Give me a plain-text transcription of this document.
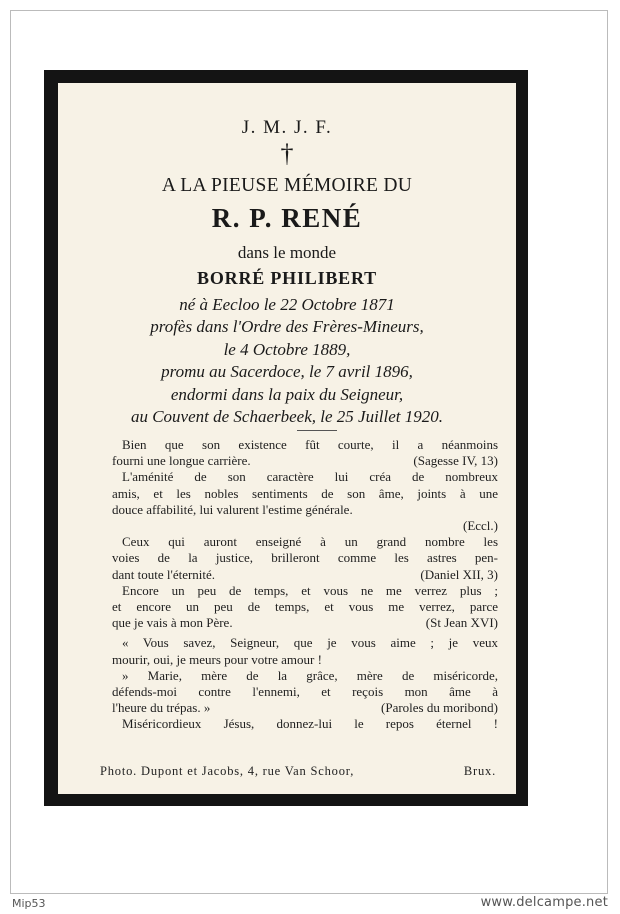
J. M. J. F.
†
A LA PIEUSE MÉMOIRE DU
R. P. RENÉ
dans le monde
BORRÉ PHILIBERT
né à Eecloo le 22 Octobre 1871
profès dans l'Ordre des Frères-Mineurs,
le 4 Octobre 1889,
promu au Sacerdoce, le 7 avril 1896,
endormi dans la paix du Seigneur,
au Couvent de Schaerbeek, le 25 Juillet 1920.

Bien que son existence fût courte, il a néanmoins

fourni une longue carrière.	(Sagesse IV, 13)

L'aménité de son caractère lui créa de nombreux

amis, et les nobles sentiments de son âme, joints à une

douce affabilité, lui valurent l'estime générale.

(Eccl.)

Ceux qui auront enseigné à un grand nombre les

voies de la justice, brilleront comme les astres pen-

dant toute l'éternité.	(Daniel XII, 3)

Encore un peu de temps, et vous ne me verrez plus ;

et encore un peu de temps, et vous me verrez, parce

que je vais à mon Père.	(St Jean XVI)

« Vous savez, Seigneur, que je vous aime ; je veux

mourir, oui, je meurs pour votre amour !

» Marie, mère de la grâce, mère de miséricorde,

défends-moi contre l'ennemi, et reçois mon âme à

l'heure du trépas. »	(Paroles du moribond)

Miséricordieux Jésus, donnez-lui le repos éternel !

Photo. Dupont et Jacobs, 4, rue Van Schoor,	Brux.
Mip53	www.delcampe.net
